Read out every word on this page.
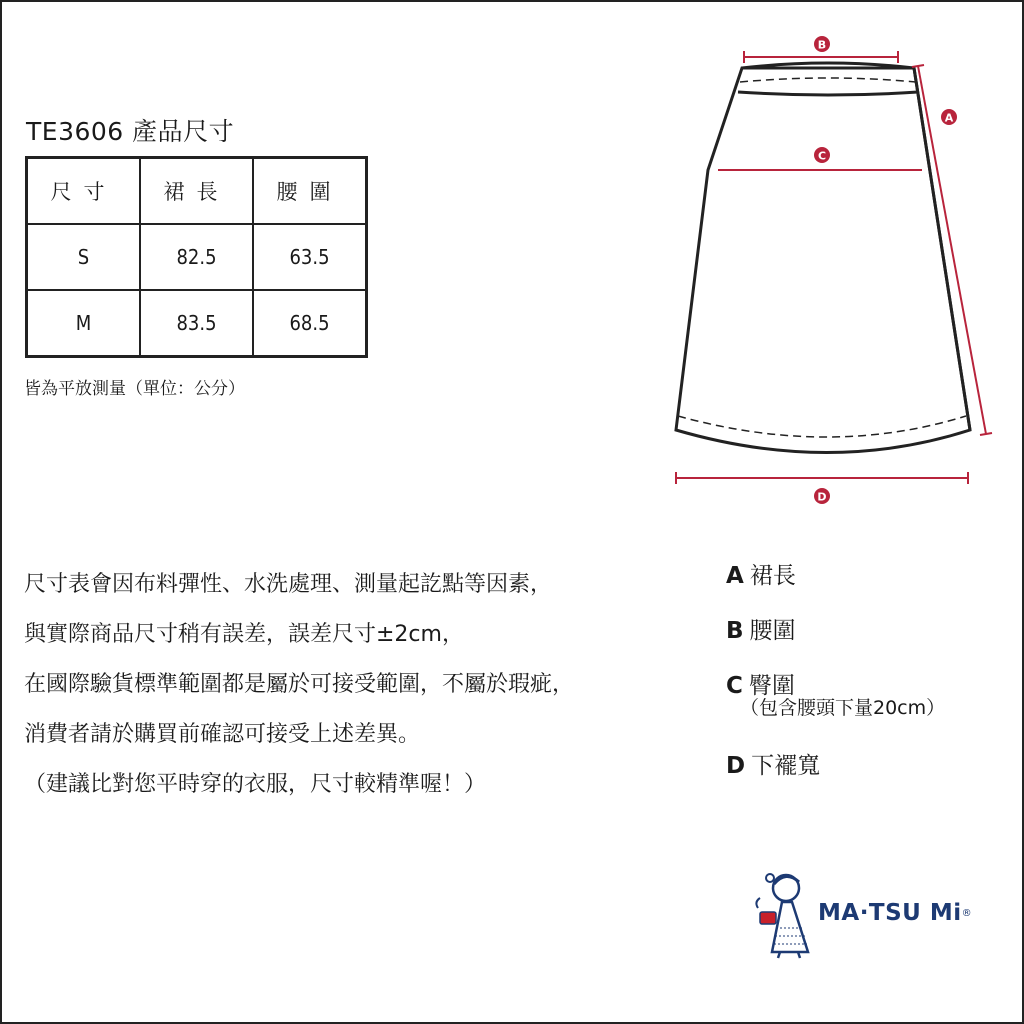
TE3606 產品尺寸
尺寸	裙長	腰圍
S	82.5	63.5
M	83.5	68.5
皆為平放測量（單位：公分）
B
C
A
D
尺寸表會因布料彈性、水洗處理、測量起訖點等因素，
與實際商品尺寸稍有誤差，誤差尺寸±2cm，
在國際驗貨標準範圍都是屬於可接受範圍，不屬於瑕疵，
消費者請於購買前確認可接受上述差異。
（建議比對您平時穿的衣服，尺寸較精準喔！）
A 裙長
B 腰圍
C 臀圍
（包含腰頭下量20cm）
D 下襬寬
MA·TSU Mi®
